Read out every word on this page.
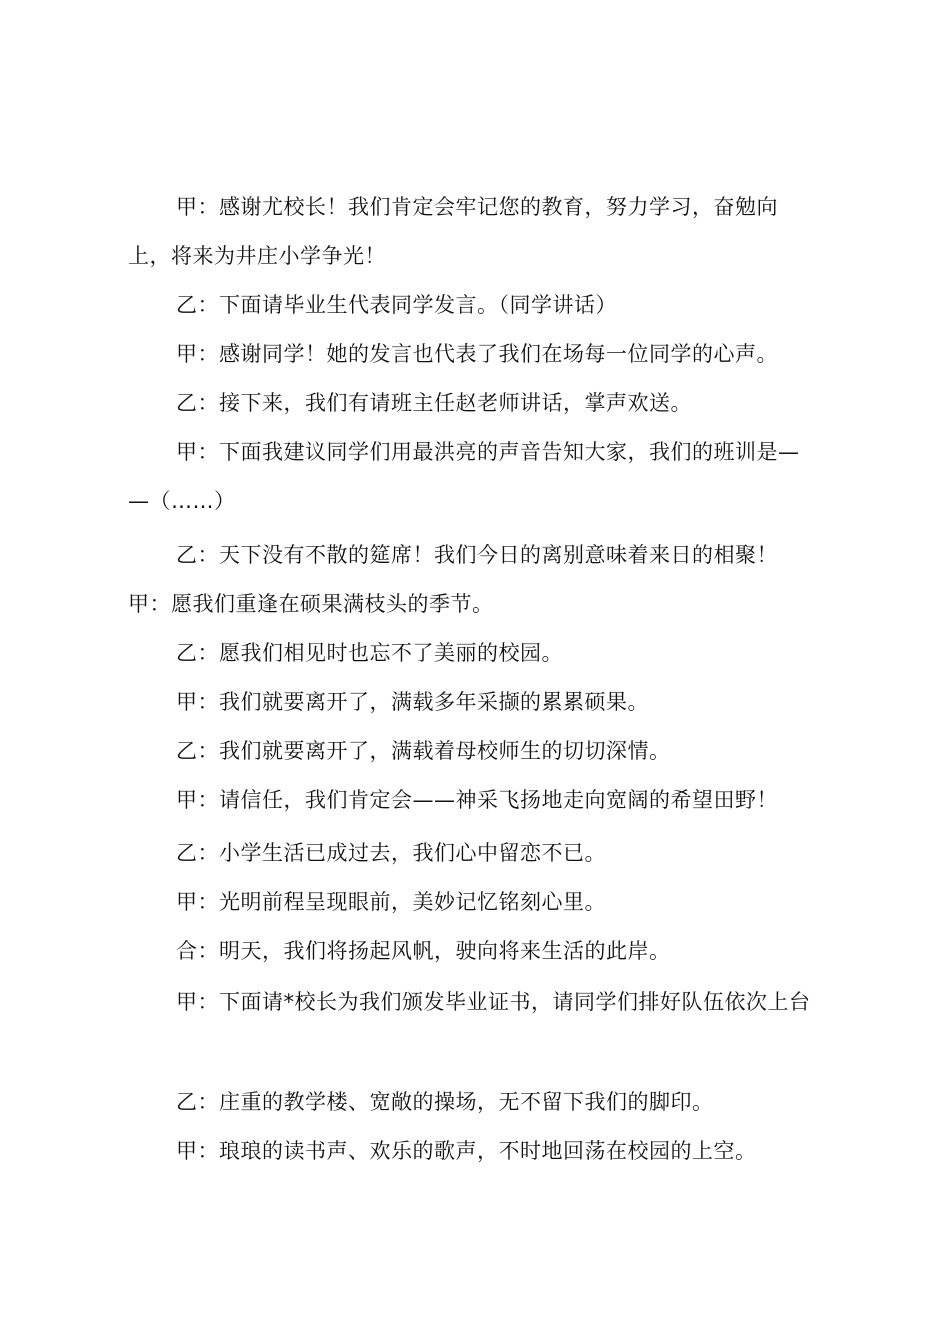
甲：感谢尤校长！我们肯定会牢记您的教育，努力学习，奋勉向
上，将来为井庄小学争光！
乙：下面请毕业生代表同学发言。（同学讲话）
甲：感谢同学！她的发言也代表了我们在场每一位同学的心声。
乙：接下来，我们有请班主任赵老师讲话，掌声欢送。
甲：下面我建议同学们用最洪亮的声音告知大家，我们的班训是—
—（……）
乙：天下没有不散的筵席！我们今日的离别意味着来日的相聚！
甲：愿我们重逢在硕果满枝头的季节。
乙：愿我们相见时也忘不了美丽的校园。
甲：我们就要离开了，满载多年采撷的累累硕果。
乙：我们就要离开了，满载着母校师生的切切深情。
甲：请信任，我们肯定会——神采飞扬地走向宽阔的希望田野！
乙：小学生活已成过去，我们心中留恋不已。
甲：光明前程呈现眼前，美妙记忆铭刻心里。
合：明天，我们将扬起风帆，驶向将来生活的此岸。
甲：下面请*校长为我们颁发毕业证书，请同学们排好队伍依次上台
乙：庄重的教学楼、宽敞的操场，无不留下我们的脚印。
甲：琅琅的读书声、欢乐的歌声，不时地回荡在校园的上空。
